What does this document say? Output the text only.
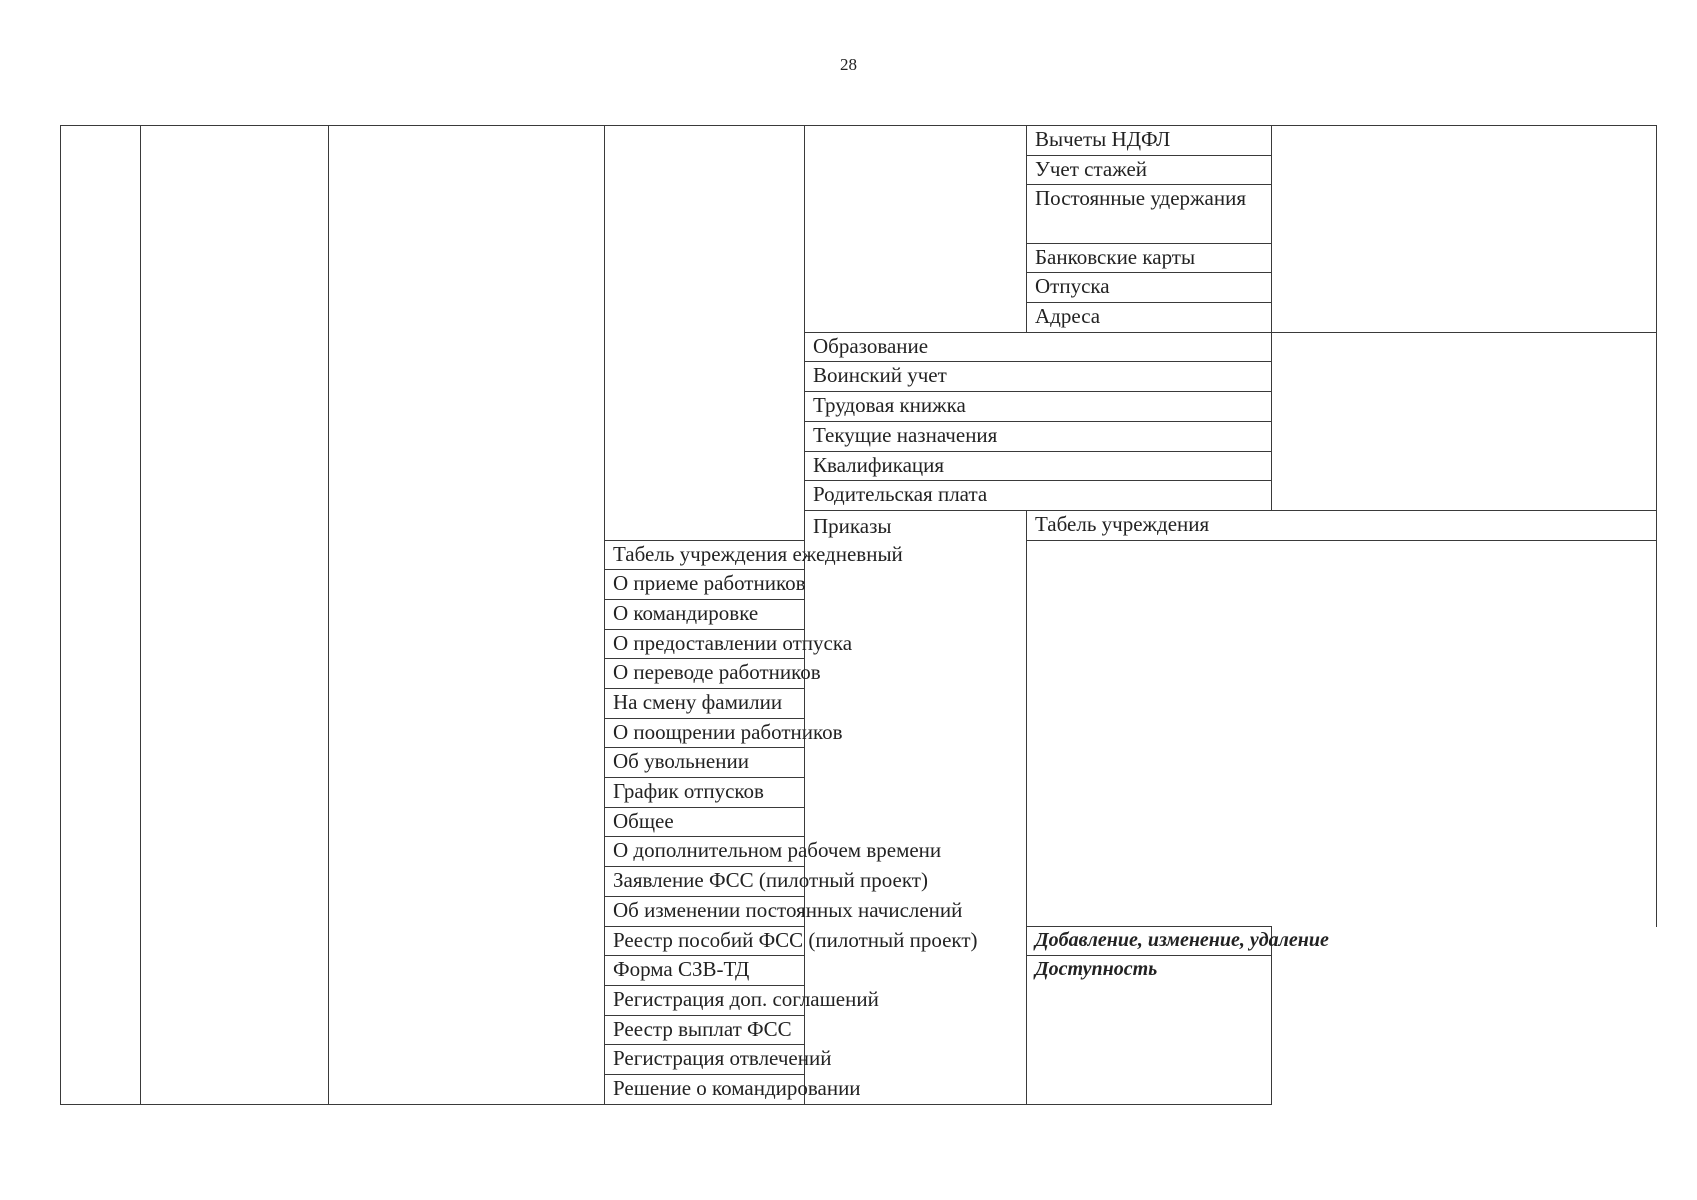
28
					Вычеты НДФЛ		
					Учет стажей		
					Постоянные удержания		
					Банковские карты		
					Отпуска		
					Адреса	
				Образование			
				Воинский учет			
				Трудовая книжка			
				Текущие назначения			
				Квалификация			
				Родительская плата			
				Приказы	Табель учреждения		
			Табель учреждения ежедневный				
			О приеме работников				
			О командировке				
			О предоставлении отпуска				
			О переводе работников				
			На смену фамилии				
			О поощрении работников				
			Об увольнении				
			График отпусков				
			Общее				
			О дополнительном рабочем времени				
			Заявление ФСС (пилотный проект)				
			Об изменении постоянных начислений				
			Реестр пособий ФСС (пилотный проект)		Добавление, изменение, удаление		
			Форма СЗВ-ТД		Доступность		
			Регистрация доп. соглашений				
			Реестр выплат ФСС				
			Регистрация отвлечений				
			Решение о командировании				
